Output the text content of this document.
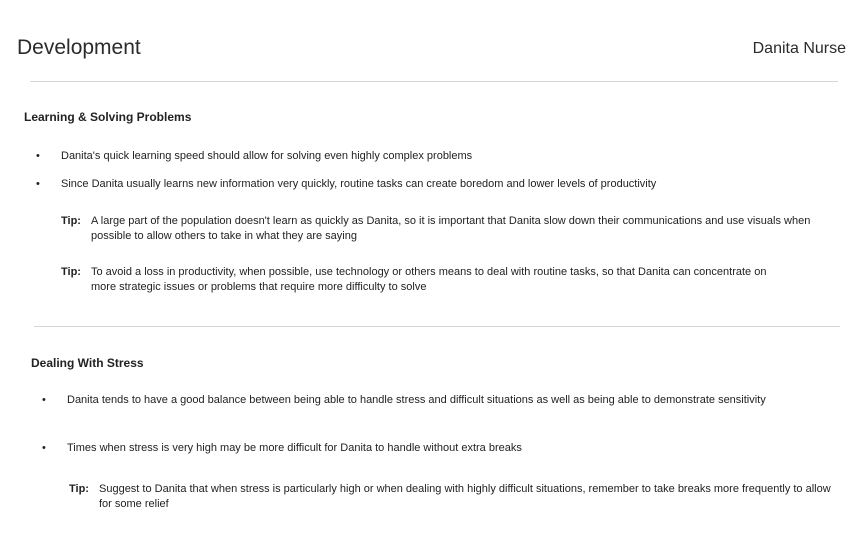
Development	Danita Nurse
Learning & Solving Problems
• Danita's quick learning speed should allow for solving even highly complex problems
• Since Danita usually learns new information very quickly, routine tasks can create boredom and lower levels of productivity
Tip: A large part of the population doesn't learn as quickly as Danita, so it is important that Danita slow down their communications and use visuals when possible to allow others to take in what they are saying
Tip: To avoid a loss in productivity, when possible, use technology or others means to deal with routine tasks, so that Danita can concentrate on more strategic issues or problems that require more difficulty to solve
Dealing With Stress
• Danita tends to have a good balance between being able to handle stress and difficult situations as well as being able to demonstrate sensitivity
• Times when stress is very high may be more difficult for Danita to handle without extra breaks
Tip: Suggest to Danita that when stress is particularly high or when dealing with highly difficult situations, remember to take breaks more frequently to allow for some relief
